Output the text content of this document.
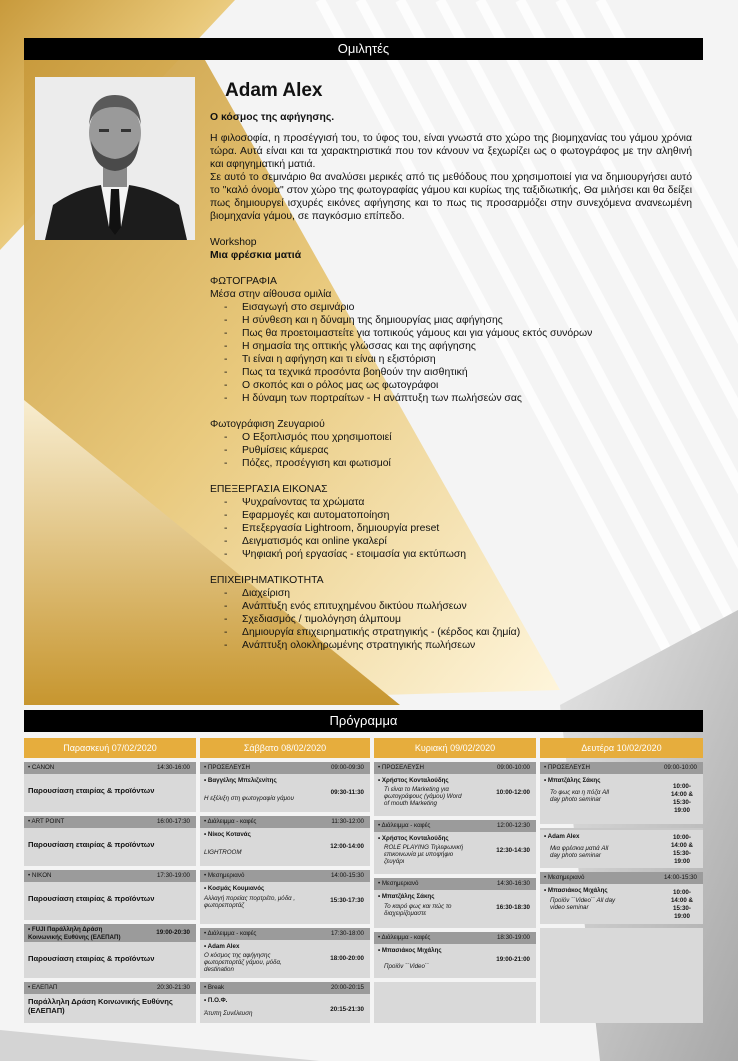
Ομιλητές
Adam Alex
Ο κόσμος της αφήγησης.
Η φιλοσοφία, η προσέγγισή του, το ύφος του, είναι γνωστά στο χώρο της βιομηχανίας του γάμου χρόνια τώρα. Αυτά είναι και τα χαρακτηριστικά που τον κάνουν να ξεχωρίζει ως ο φωτογράφος με την αληθινή και αφηγηματική ματιά.
Σε αυτό το σεμινάριο θα αναλύσει μερικές από τις μεθόδους που χρησιμοποιεί για να δημιουργήσει αυτό το "καλό όνομα" στον χώρο της φωτογραφίας γάμου και κυρίως της ταξιδιωτικής, Θα μιλήσει και θα δείξει πως δημιουργεί ισχυρές εικόνες αφήγησης και το πως τις προσαρμόζει στην συνεχόμενα ανανεωμένη βιομηχανία γάμου, σε παγκόσμιο επίπεδο.
Workshop
Μια φρέσκια ματιά
ΦΩΤΟΓΡΑΦΙΑ
Μέσα στην αίθουσα ομιλία
- Εισαγωγή στο σεμινάριο
- Η σύνθεση και η δύναμη της δημιουργίας μιας αφήγησης
- Πως θα προετοιμαστείτε για τοπικούς γάμους και για γάμους εκτός συνόρων
- Η σημασία της οπτικής γλώσσας και της αφήγησης
- Τι είναι η αφήγηση και τι είναι η εξιστόριση
- Πως τα τεχνικά προσόντα βοηθούν την αισθητική
- Ο σκοπός και ο ρόλος μας ως φωτογράφοι
- Η δύναμη των πορτραίτων - Η ανάπτυξη των πωλήσεών σας
Φωτογράφιση Ζευγαριού
- Ο Εξοπλισμός που χρησιμοποιεί
- Ρυθμίσεις κάμερας
- Πόζες, προσέγγιση και φωτισμοί
ΕΠΕΞΕΡΓΑΣΙΑ ΕΙΚΟΝΑΣ
- Ψυχραίνοντας τα χρώματα
- Εφαρμογές και αυτοματοποίηση
- Επεξεργασία Lightroom, δημιουργία preset
- Δειγματισμός και online γκαλερί
- Ψηφιακή ροή εργασίας - ετοιμασία για εκτύπωση
ΕΠΙΧΕΙΡΗΜΑΤΙΚΟΤΗΤΑ
- Διαχείριση
- Ανάπτυξη ενός επιτυχημένου δικτύου πωλήσεων
- Σχεδιασμός / τιμολόγηση άλμπουμ
- Δημιουργία επιχειρηματικής στρατηγικής - (κέρδος και ζημία)
- Ανάπτυξη ολοκληρωμένης στρατηγικής πωλήσεων
Πρόγραμμα
Παρασκευή 07/02/2020
• CANON	14:30-16:00
Παρουσίαση εταιρίας & προϊόντων
• ART POINT	16:00-17:30
Παρουσίαση εταιρίας & προϊόντων
• NIKON	17:30-19:00
Παρουσίαση εταιρίας & προϊόντων
• FUJI Παράλληλη Δράση Κοινωνικής Ευθύνης (ΕΛΕΠΑΠ)
19:00-20:30
Παρουσίαση εταιρίας & προϊόντων
• ΕΛΕΠΑΠ	20:30-21:30
Παράλληλη Δράση Κοινωνικής Ευθύνης (ΕΛΕΠΑΠ)
Σάββατο 08/02/2020
• ΠΡΟΣΕΛΕΥΣΗ	09:00-09:30
• Βαγγέλης Μπελιζενίτης
09:30-11:30
Η εξέλιξη στη φωτογραφία γάμου
• Διάλειμμα - καφές	11:30-12:00
• Νίκος Κοτανάς
12:00-14:00
LIGHTROOM
• Μεσημεριανό	14:00-15:30
• Κοσμάς Κουμιανός
15:30-17:30
Αλλαγή πορείας πορτρέτο, μόδα , φωτορεπορτάζ
• Διάλειμμα - καφές	17:30-18:00
• Adam Alex
18:00-20:00
Ο κόσμος της αφήγησης φωτορεπορτάζ γάμου, μόδα, destination
• Break	20:00-20:15
• Π.Ο.Φ.
20:15-21:30
Άτυπη Συνέλευση
Κυριακή 09/02/2020
• ΠΡΟΣΕΛΕΥΣΗ	09:00-10:00
• Χρήστος Κονταλούδης
10:00-12:00
Τι είναι το Marketing για φωτογράφους (γάμου) Word of mouth Marketing
• Διάλειμμα - καφές	12:00-12:30
• Χρήστος Κονταλούδης
12:30-14:30
ROLE PLAYING Τηλεφωνική επικοινωνία με υποψήφιο ζευγάρι
• Μεσημεριανό	14:30-16:30
• Μπατζάλης Σάκης
16:30-18:30
Το καιρό φως και πώς το διαχειρίζομαστε
• Διάλειμμα - καφές	18:30-19:00
• Μπασιάκος Μιχάλης
19:00-21:00
Προϊόν ``Video``
Δευτέρα 10/02/2020
• ΠΡΟΣΕΛΕΥΣΗ	09:00-10:00
• Μπατζάλης Σάκης
10:00-14:00 & 15:30-19:00
Το φως και η πόζα All day photo seminar
• Adam Alex	10:00-14:00 & 15:30-19:00
Μια φρέσκια ματιά All day photo seminar
• Μεσημεριανό	14:00-15:30
• Μπασιάκος Μιχάλης	10:00-14:00 & 15:30-19:00
Προϊόν ``Video`` All day video seminar
